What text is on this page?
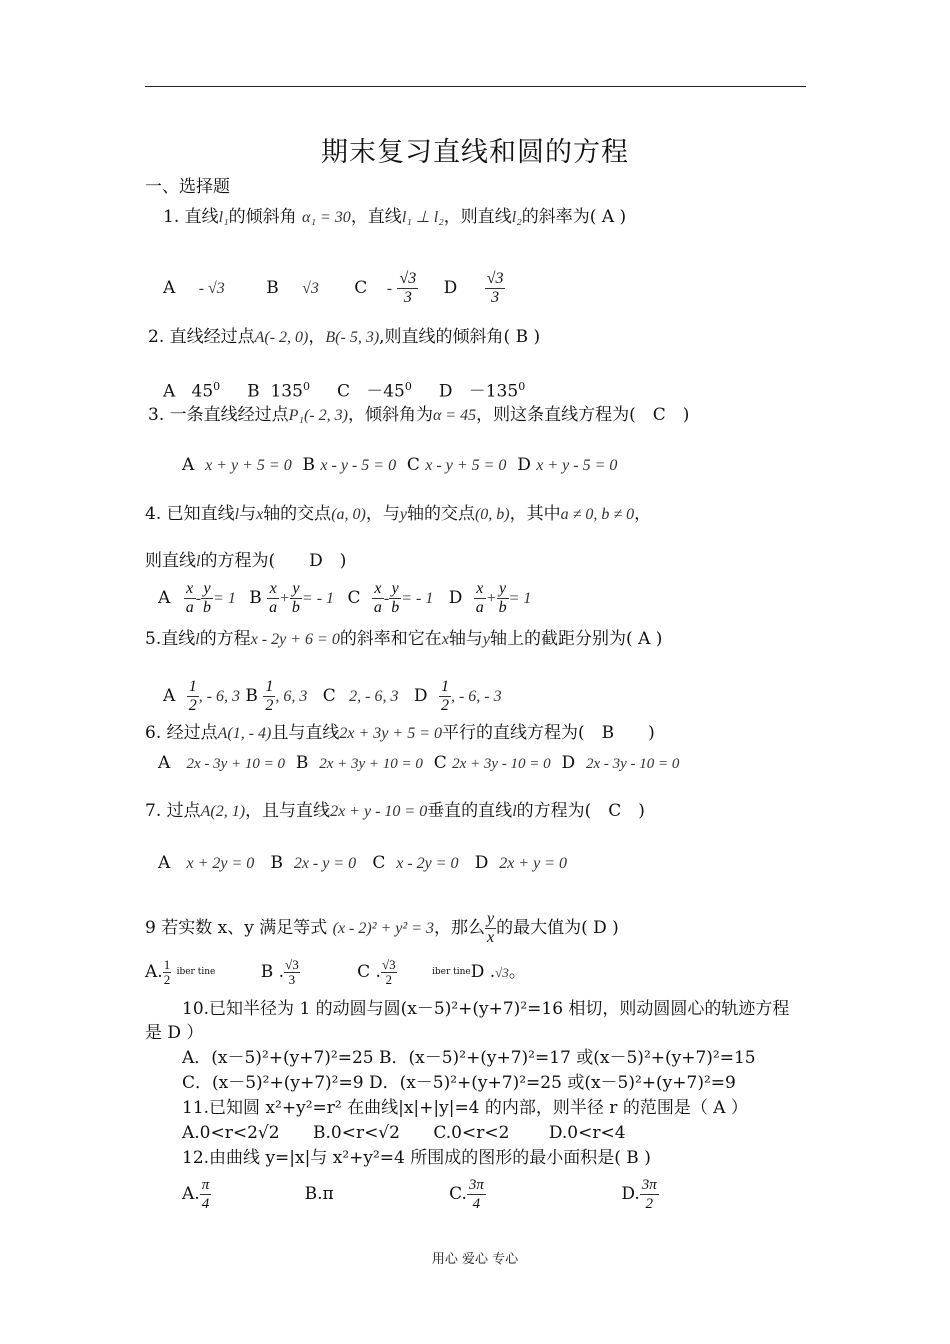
期末复习直线和圆的方程
一、选择题
1. 直线l₁的倾斜角 α₁ = 30，直线l₁ ⊥ l₂，则直线l₂的斜率为( A )
A - √3 B √3 C - $\frac{√3}{3}$ D $\frac{√3}{3}$
2. 直线经过点A(- 2, 0)，B(- 5, 3),则直线的倾斜角( B )
A $45^0$ B $135^0$ $C -45^0$ $D -135^0$
3. 一条直线经过点P₁(- 2, 3)，倾斜角为α = 45，则这条直线方程为(　C　)
A x + y + 5 = 0 B x - y - 5 = 0 C x - y + 5 = 0 D x + y - 5 = 0
4. 已知直线l与x轴的交点(a, 0)，与y轴的交点(0, b)，其中a ≠ 0, b ≠ 0，
则直线l的方程为(　　D　)
A $\frac{x}{a} - \frac{y}{b} = 1$ B $\frac{x}{a} + \frac{y}{b}$ = - 1 C $\frac{x}{a} - \frac{y}{b}$ = - 1 D $\frac{x}{a} + \frac{y}{b} = 1$
5.直线l的方程x - 2y + 6 = 0的斜率和它在x轴与y轴上的截距分别为( A )
A $\frac{1}{2}$ , - 6, 3 B $\frac{1}{2}$ , 6, 3 C 2, - 6, 3 D $\frac{1}{2}$ , - 6, - 3
6. 经过点A(1, - 4)且与直线2x + 3y + 5 = 0平行的直线方程为(　B　　)
A 2x - 3y + 10 = 0 B 2x + 3y + 10 = 0 C 2x + 3y - 10 = 0 D 2x - 3y - 10 = 0
7. 过点A(2, 1)，且与直线2x + y - 10 = 0垂直的直线l的方程为(　C　)
A x + 2y = 0 B 2x - y = 0 C x - 2y = 0 D 2x + y = 0
9 若实数 x、y 满足等式 (x - 2)² + y² = 3，那么 $\frac{y}{x}$ 的最大值为( D )
A. $\frac{1}{2}$ iber tine	B . $\frac{√3}{3}$	C . $\frac{√3}{2}$	iber tineD .√3。
10.已知半径为 1 的动圆与圆(x－5)²+(y+7)²=16 相切，则动圆圆心的轨迹方程
是 D ）
A．(x－5)²+(y+7)²=25 B．(x－5)²+(y+7)²=17 或(x－5)²+(y+7)²=15
C．(x－5)²+(y+7)²=9 D．(x－5)²+(y+7)²=25 或(x－5)²+(y+7)²=9
11.已知圆 x²+y²=r² 在曲线|x|+|y|=4 的内部，则半径 r 的范围是（ A ）
A.0<r<2√2 B.0<r<√2 C.0<r<2 D.0<r<4
12.由曲线 y=|x|与 x²+y²=4 所围成的图形的最小面积是( B )
A. $\frac{\pi}{4}$	B.π	C. $\frac{3\pi}{4}$	D. $\frac{3\pi}{2}$
用心 爱心 专心
